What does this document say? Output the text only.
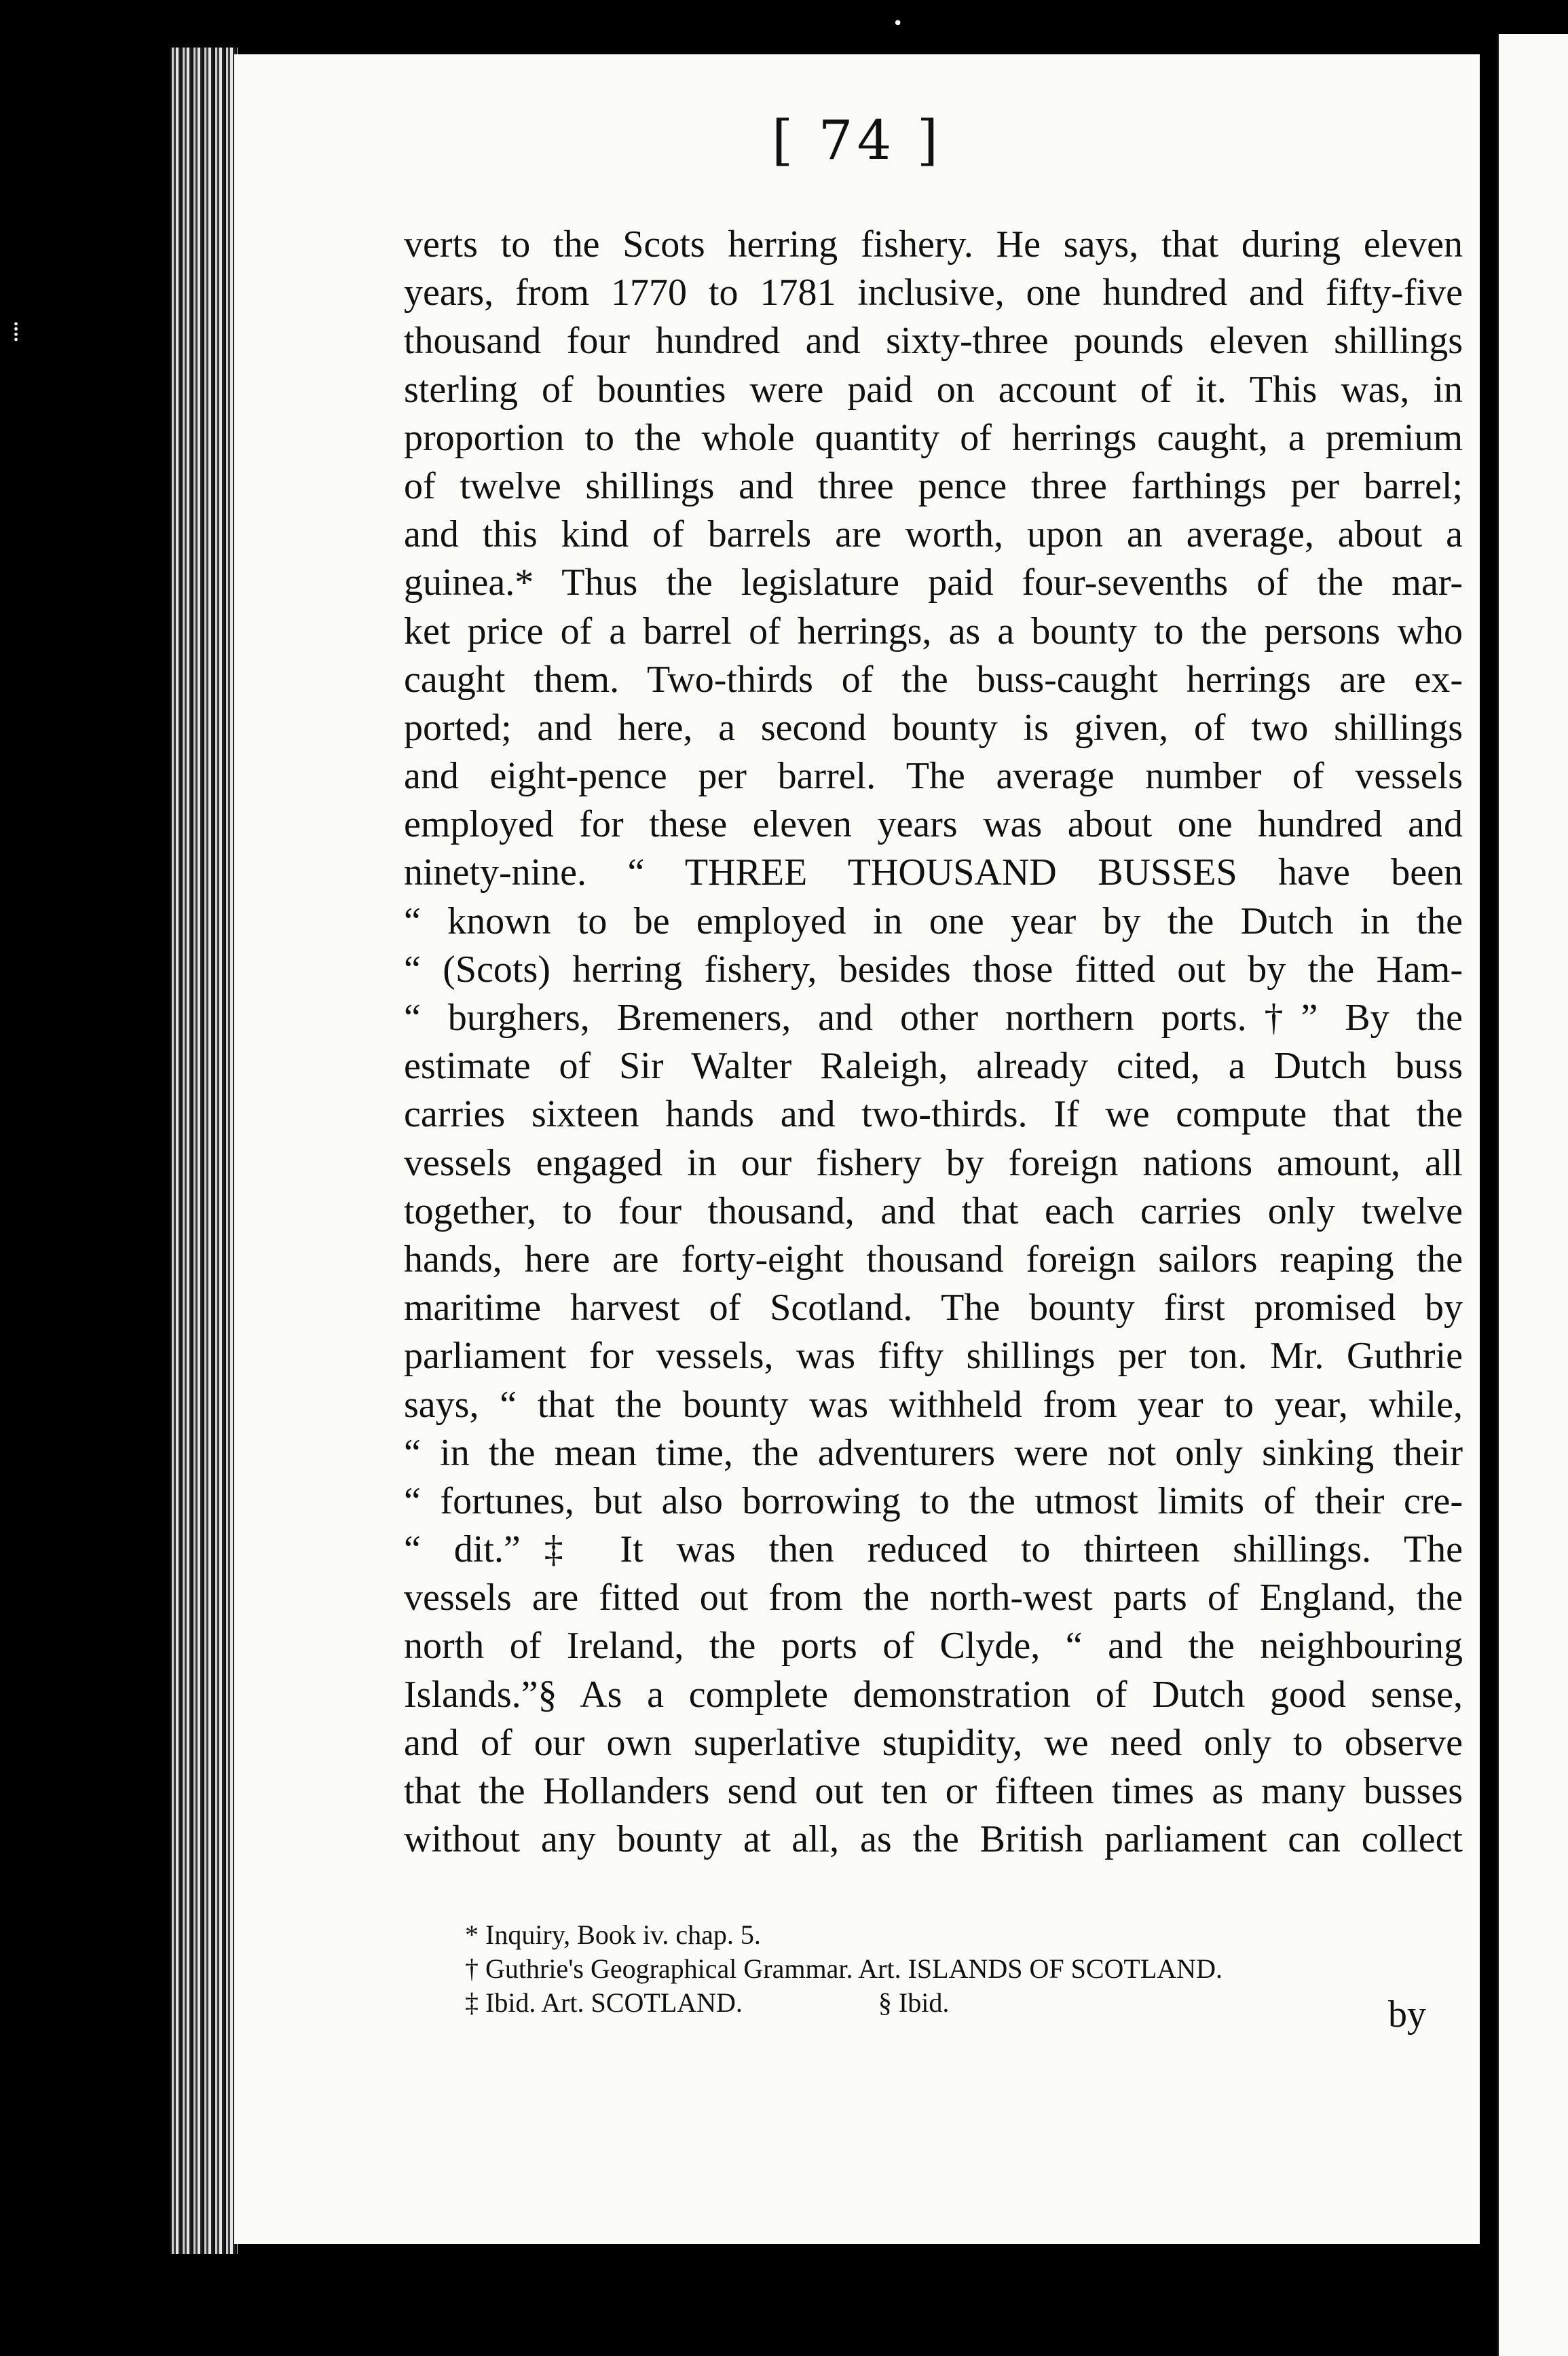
⁞
•
[ 74 ]
verts to the Scots herring fishery. He says, that during eleven
years, from 1770 to 1781 inclusive, one hundred and fifty-five
thousand four hundred and sixty-three pounds eleven shillings
sterling of bounties were paid on account of it. This was, in
proportion to the whole quantity of herrings caught, a premium
of twelve shillings and three pence three farthings per barrel;
and this kind of barrels are worth, upon an average, about a
guinea.* Thus the legislature paid four-sevenths of the mar-
ket price of a barrel of herrings, as a bounty to the persons who
caught them. Two-thirds of the buss-caught herrings are ex-
ported; and here, a second bounty is given, of two shillings
and eight-pence per barrel. The average number of vessels
employed for these eleven years was about one hundred and
ninety-nine. “ THREE THOUSAND BUSSES have been
“ known to be employed in one year by the Dutch in the
“ (Scots) herring fishery, besides those fitted out by the Ham-
“ burghers, Bremeners, and other northern ports.†” By the
estimate of Sir Walter Raleigh, already cited, a Dutch buss
carries sixteen hands and two-thirds. If we compute that the
vessels engaged in our fishery by foreign nations amount, all
together, to four thousand, and that each carries only twelve
hands, here are forty-eight thousand foreign sailors reaping the
maritime harvest of Scotland. The bounty first promised by
parliament for vessels, was fifty shillings per ton. Mr. Guthrie
says, “ that the bounty was withheld from year to year, while,
“ in the mean time, the adventurers were not only sinking their
“ fortunes, but also borrowing to the utmost limits of their cre-
“ dit.”‡ It was then reduced to thirteen shillings. The
vessels are fitted out from the north-west parts of England, the
north of Ireland, the ports of Clyde, “ and the neighbouring
Islands.”§ As a complete demonstration of Dutch good sense,
and of our own superlative stupidity, we need only to observe
that the Hollanders send out ten or fifteen times as many busses
without any bounty at all, as the British parliament can collect
* Inquiry, Book iv. chap. 5.
† Guthrie's Geographical Grammar. Art. ISLANDS OF SCOTLAND.
‡ Ibid. Art. SCOTLAND.                    § Ibid.	by
